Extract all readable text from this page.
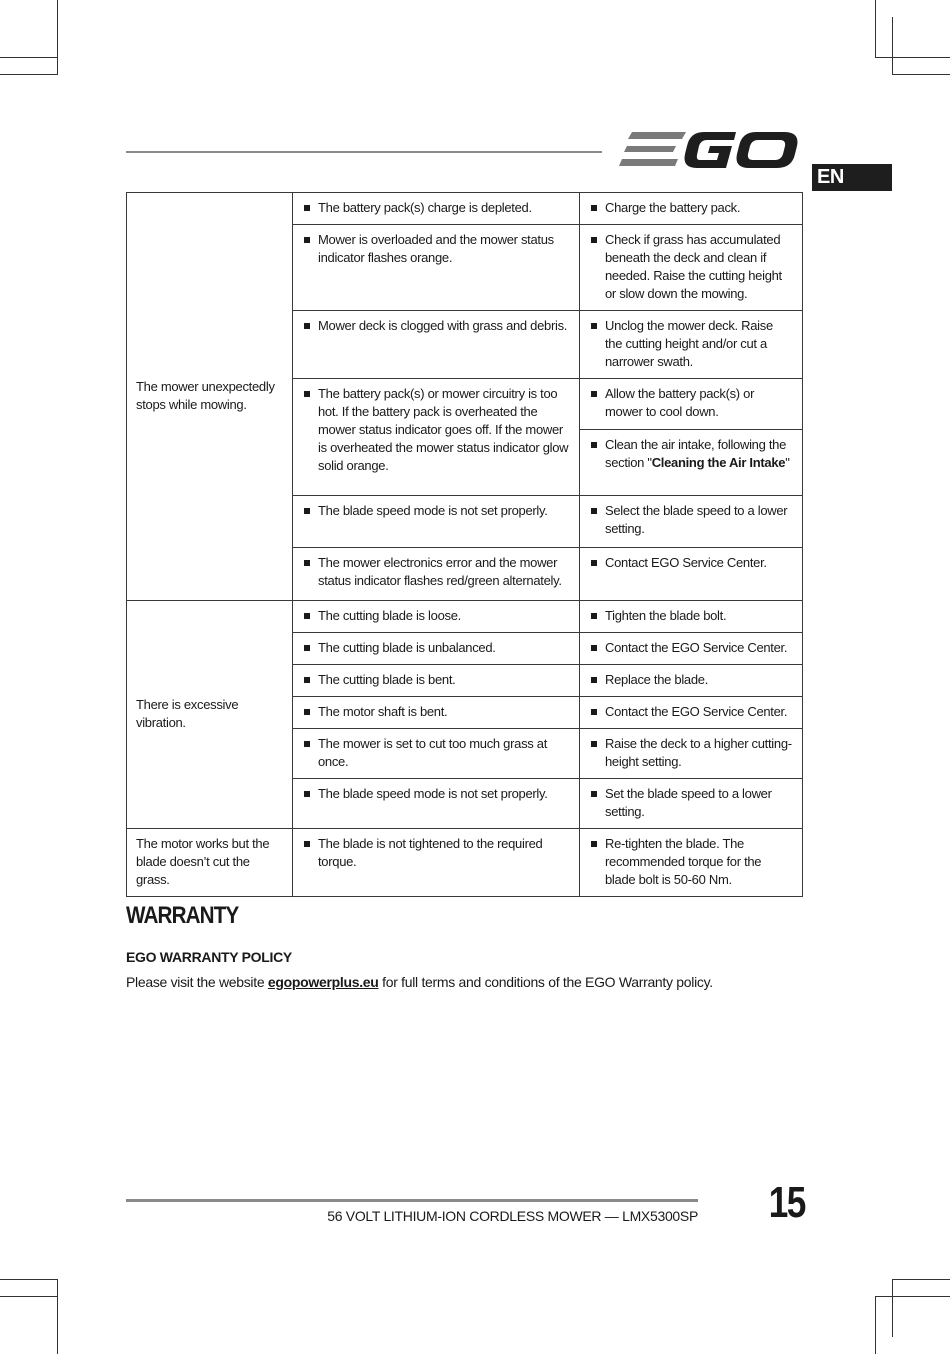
EN
The mower unexpectedly stops while mowing.	The battery pack(s) charge is depleted.	Charge the battery pack.

	Mower is overloaded and the mower status indicator flashes orange.	Check if grass has accumulated beneath the deck and clean if needed. Raise the cutting height or slow down the mowing.

	Mower deck is clogged with grass and debris.	Unclog the mower deck. Raise the cutting height and/or cut a narrower swath.

	The battery pack(s) or mower circuitry is too hot. If the battery pack is overheated the mower status indicator goes off. If the mower is overheated the mower status indicator glow solid orange.	Allow the battery pack(s) or mower to cool down.

		Clean the air intake, following the section "Cleaning the Air Intake"

	The blade speed mode is not set properly.	Select the blade speed to a lower setting.

	The mower electronics error and the mower status indicator flashes red/green alternately.	Contact EGO Service Center.

There is excessive vibration.	The cutting blade is loose.	Tighten the blade bolt.

	The cutting blade is unbalanced.	Contact the EGO Service Center.

	The cutting blade is bent.	Replace the blade.

	The motor shaft is bent.	Contact the EGO Service Center.

	The mower is set to cut too much grass at once.	Raise the deck to a higher cutting-height setting.

	The blade speed mode is not set properly.	Set the blade speed to a lower setting.

The motor works but the blade doesn’t cut the grass.	The blade is not tightened to the required torque.	Re-tighten the blade. The recommended torque for the blade bolt is 50-60 Nm.
WARRANTY
EGO WARRANTY POLICY

Please visit the website egopowerplus.eu for full terms and conditions of the EGO Warranty policy.

56 VOLT LITHIUM-ION CORDLESS MOWER — LMX5300SP 15
